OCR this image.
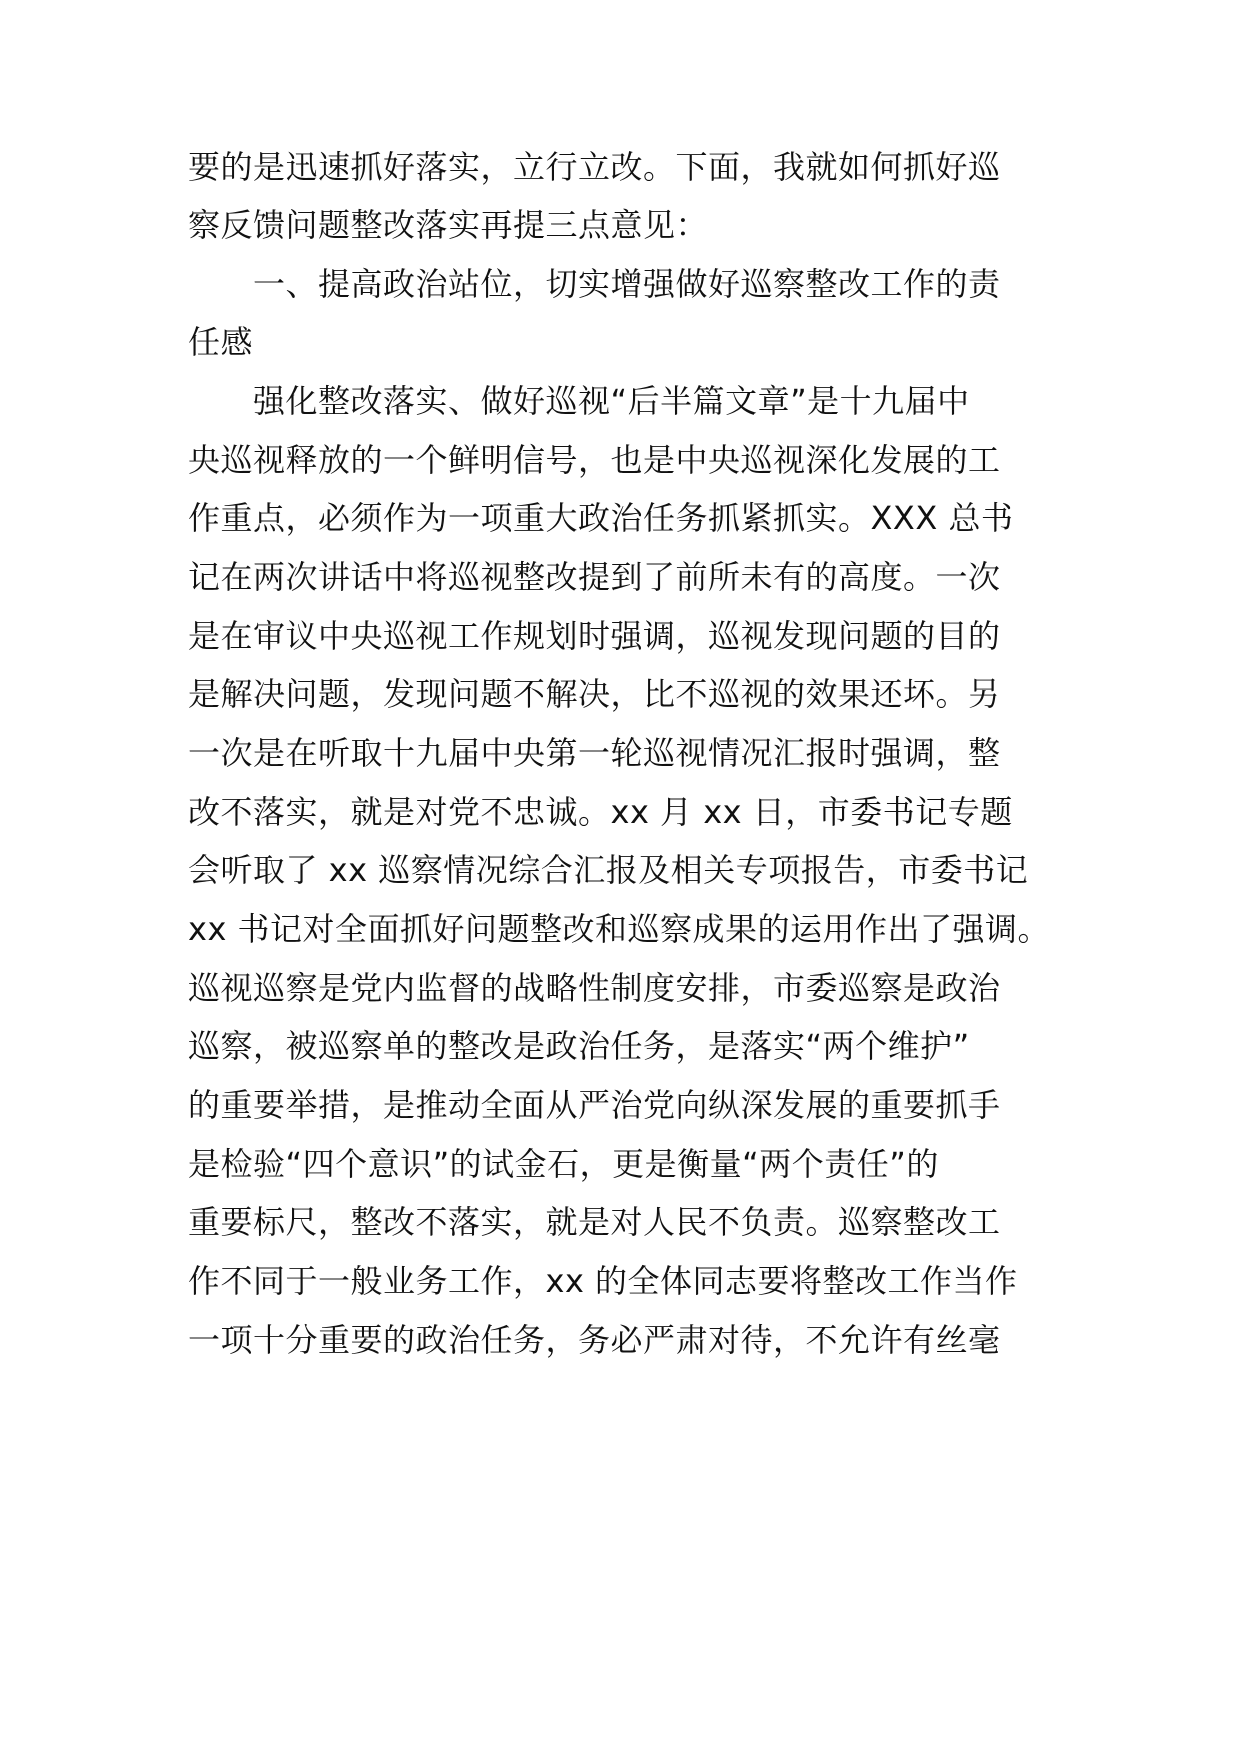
要的是迅速抓好落实，立行立改。下面，我就如何抓好巡
察反馈问题整改落实再提三点意见：
　　一、提高政治站位，切实增强做好巡察整改工作的责
任感
　　强化整改落实、做好巡视“后半篇文章”是十九届中
央巡视释放的一个鲜明信号，也是中央巡视深化发展的工
作重点，必须作为一项重大政治任务抓紧抓实。XXX 总书
记在两次讲话中将巡视整改提到了前所未有的高度。一次
是在审议中央巡视工作规划时强调，巡视发现问题的目的
是解决问题，发现问题不解决，比不巡视的效果还坏。另
一次是在听取十九届中央第一轮巡视情况汇报时强调，整
改不落实，就是对党不忠诚。xx 月 xx 日，市委书记专题
会听取了 xx 巡察情况综合汇报及相关专项报告，市委书记
xx 书记对全面抓好问题整改和巡察成果的运用作出了强调。
巡视巡察是党内监督的战略性制度安排，市委巡察是政治
巡察，被巡察单的整改是政治任务，是落实“两个维护”
的重要举措，是推动全面从严治党向纵深发展的重要抓手
是检验“四个意识”的试金石，更是衡量“两个责任”的
重要标尺，整改不落实，就是对人民不负责。巡察整改工
作不同于一般业务工作，xx 的全体同志要将整改工作当作
一项十分重要的政治任务，务必严肃对待，不允许有丝毫
